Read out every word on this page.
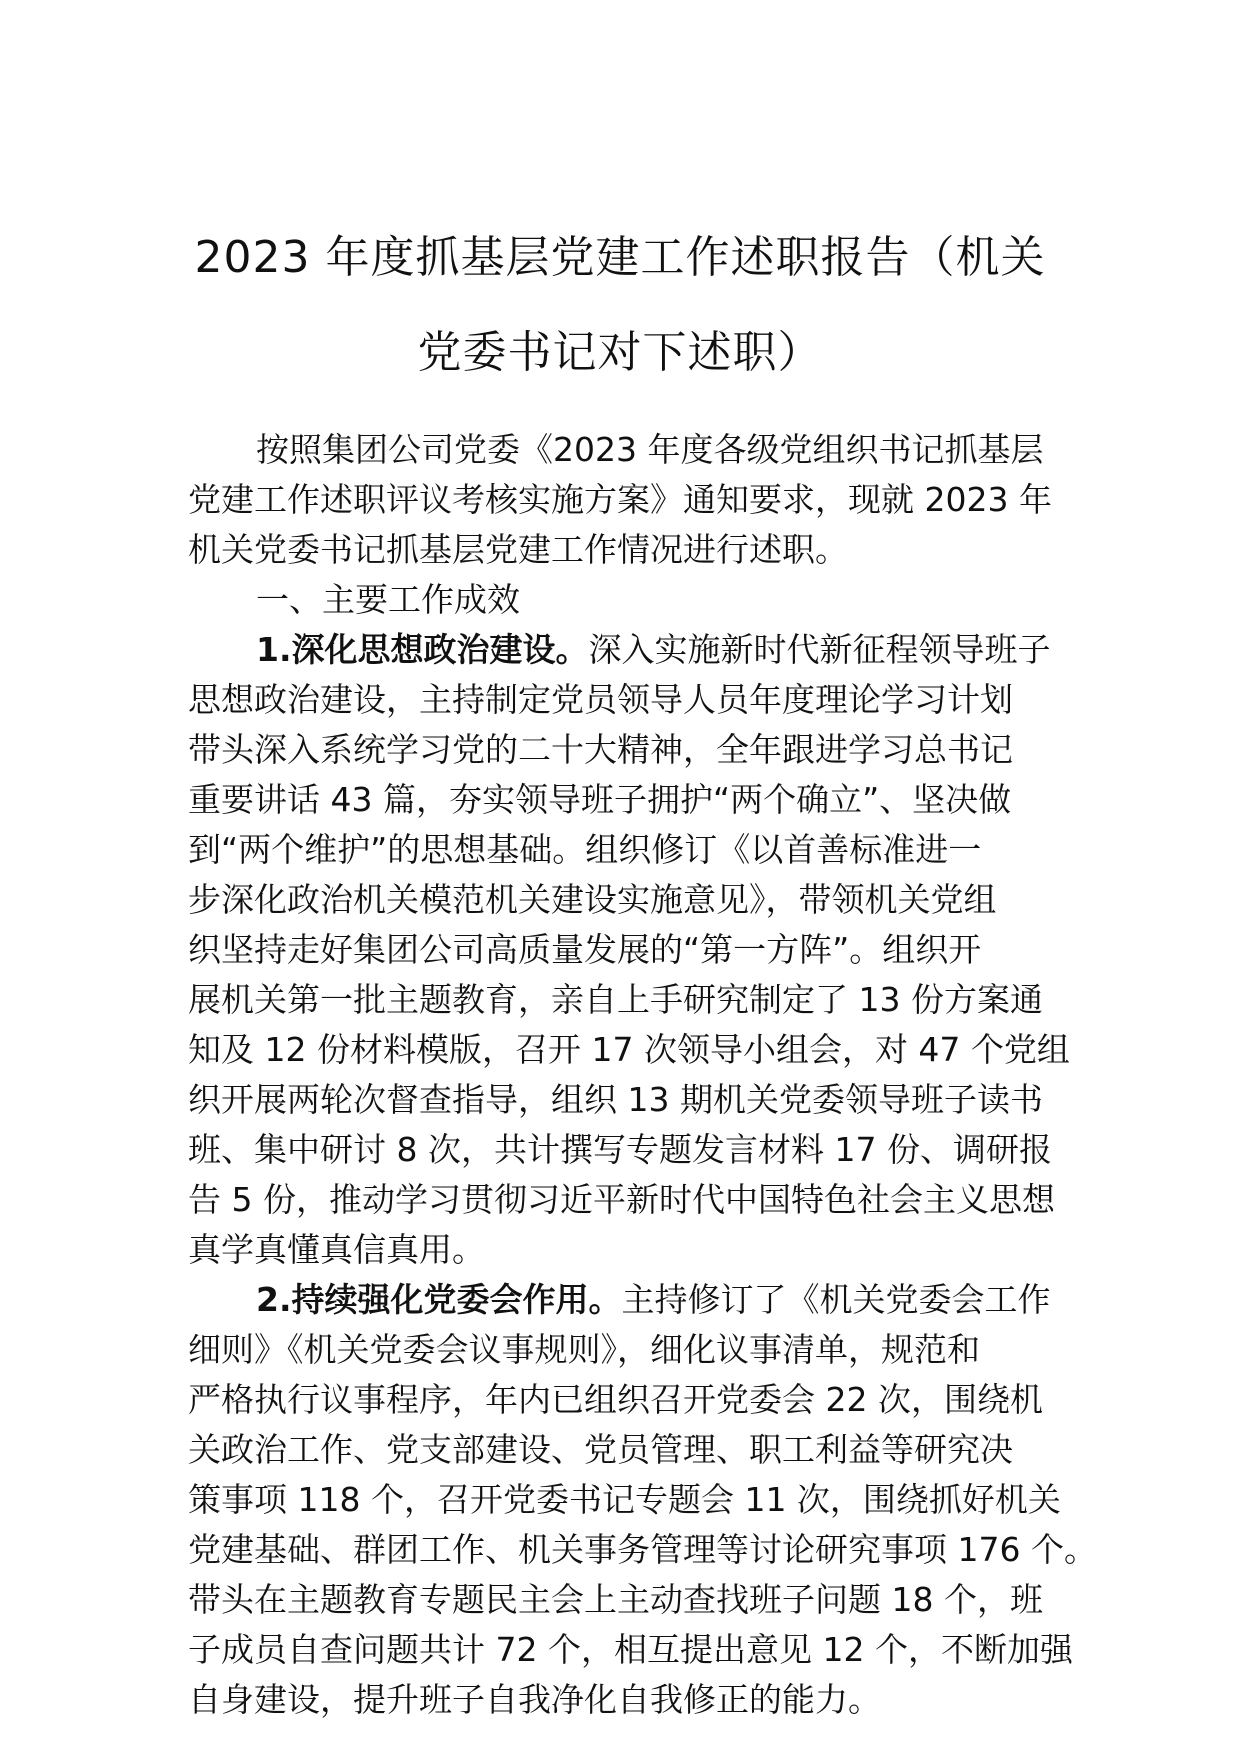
2023 年度抓基层党建工作述职报告（机关
党委书记对下述职）
按照集团公司党委《2023 年度各级党组织书记抓基层
党建工作述职评议考核实施方案》通知要求，现就 2023 年
机关党委书记抓基层党建工作情况进行述职。
一、主要工作成效
1.深化思想政治建设。深入实施新时代新征程领导班子
思想政治建设，主持制定党员领导人员年度理论学习计划
带头深入系统学习党的二十大精神，全年跟进学习总书记
重要讲话 43 篇，夯实领导班子拥护“两个确立”、坚决做
到“两个维护”的思想基础。组织修订《以首善标准进一
步深化政治机关模范机关建设实施意见》，带领机关党组
织坚持走好集团公司高质量发展的“第一方阵”。组织开
展机关第一批主题教育，亲自上手研究制定了 13 份方案通
知及 12 份材料模版，召开 17 次领导小组会，对 47 个党组
织开展两轮次督查指导，组织 13 期机关党委领导班子读书
班、集中研讨 8 次，共计撰写专题发言材料 17 份、调研报
告 5 份，推动学习贯彻习近平新时代中国特色社会主义思想
真学真懂真信真用。
2.持续强化党委会作用。主持修订了《机关党委会工作
细则》《机关党委会议事规则》，细化议事清单，规范和
严格执行议事程序，年内已组织召开党委会 22 次，围绕机
关政治工作、党支部建设、党员管理、职工利益等研究决
策事项 118 个，召开党委书记专题会 11 次，围绕抓好机关
党建基础、群团工作、机关事务管理等讨论研究事项 176 个。
带头在主题教育专题民主会上主动查找班子问题 18 个，班
子成员自查问题共计 72 个，相互提出意见 12 个，不断加强
自身建设，提升班子自我净化自我修正的能力。
